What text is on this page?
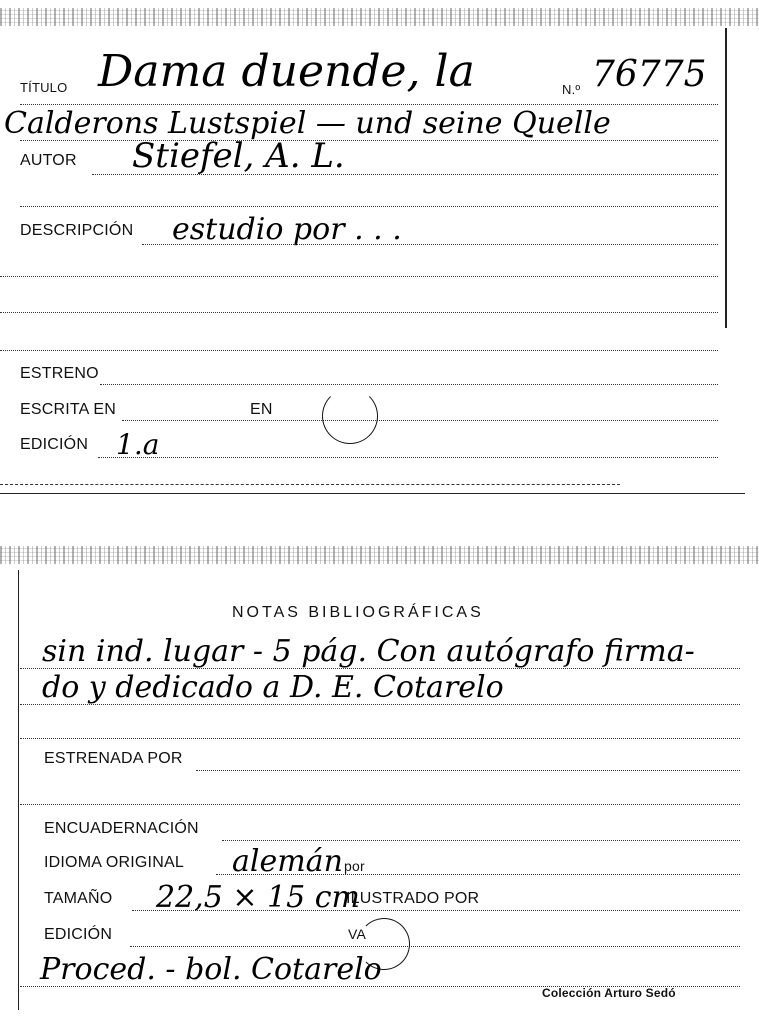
TÍTULO Dama duende, la	N.º 76775
Calderons Lustspiel — und seine Quelle
AUTOR Stiefel, A. L.
DESCRIPCIÓN estudio por . . .
ESTRENO
ESCRITA EN	EN
EDICIÓN 1.a
NOTAS BIBLIOGRÁFICAS
sin ind. lugar - 5 pág. Con autógrafo firma-
do y dedicado a D. E. Cotarelo
ESTRENADA POR
ENCUADERNACIÓN
IDIOMA ORIGINAL alemán por
TAMAÑO 22,5 × 15 cm
ILUSTRADO POR
EDICIÓN	VA
Proced. - bol. Cotarelo
Colección Arturo Sedó
